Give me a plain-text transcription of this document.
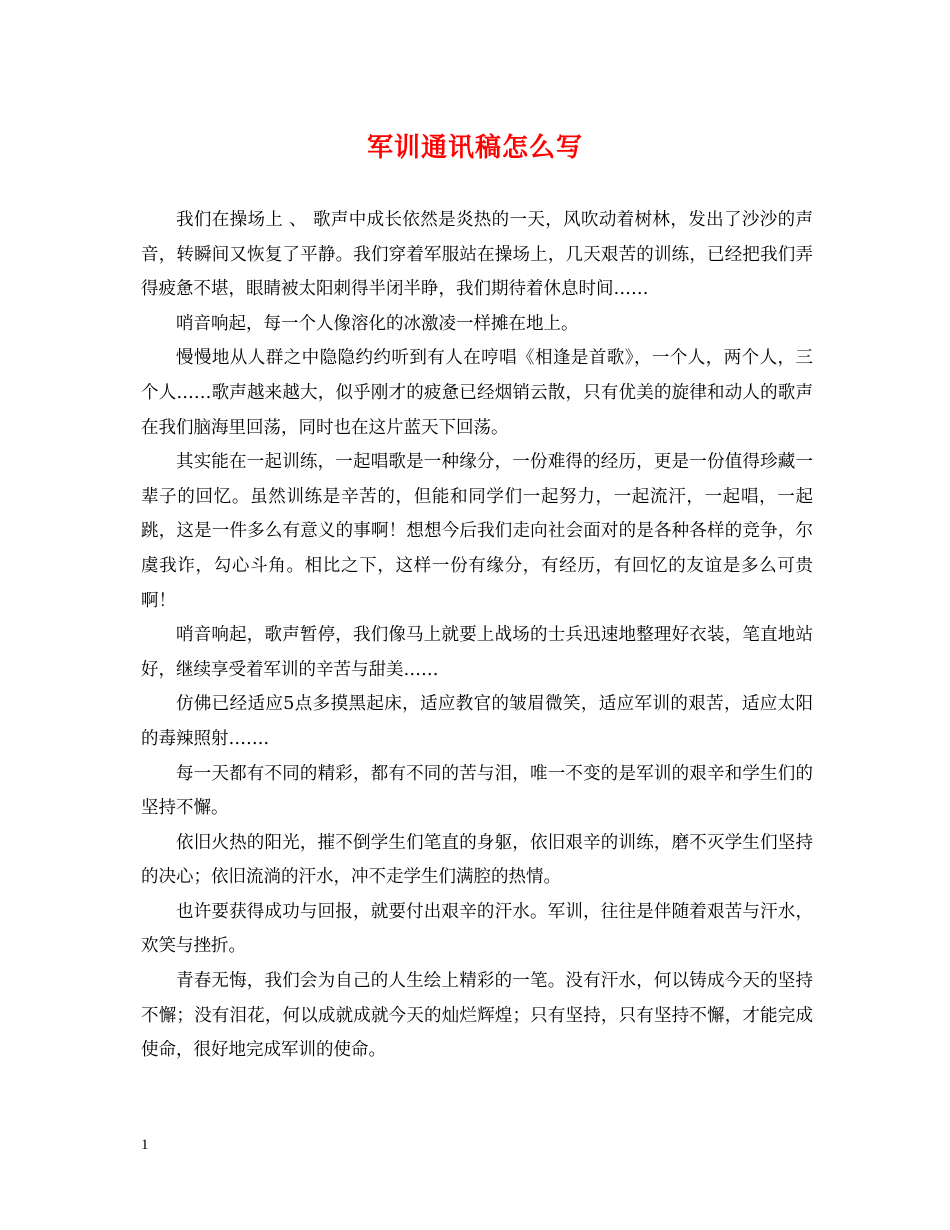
军训通讯稿怎么写

我们在操场上 、 歌声中成长依然是炎热的一天，风吹动着树林，发出了沙沙的声音，转瞬间又恢复了平静。我们穿着军服站在操场上，几天艰苦的训练，已经把我们弄得疲惫不堪，眼睛被太阳刺得半闭半睁，我们期待着休息时间……

哨音响起，每一个人像溶化的冰激凌一样摊在地上。

慢慢地从人群之中隐隐约约听到有人在哼唱《相逢是首歌》，一个人，两个人，三个人……歌声越来越大，似乎刚才的疲惫已经烟销云散，只有优美的旋律和动人的歌声在我们脑海里回荡，同时也在这片蓝天下回荡。

其实能在一起训练，一起唱歌是一种缘分，一份难得的经历，更是一份值得珍藏一辈子的回忆。虽然训练是辛苦的，但能和同学们一起努力，一起流汗，一起唱，一起跳，这是一件多么有意义的事啊！想想今后我们走向社会面对的是各种各样的竞争，尔虞我诈，勾心斗角。相比之下，这样一份有缘分，有经历，有回忆的友谊是多么可贵啊！

哨音响起，歌声暂停，我们像马上就要上战场的士兵迅速地整理好衣装，笔直地站好，继续享受着军训的辛苦与甜美……

仿佛已经适应5点多摸黑起床，适应教官的皱眉微笑，适应军训的艰苦，适应太阳的毒辣照射…….

每一天都有不同的精彩，都有不同的苦与泪，唯一不变的是军训的艰辛和学生们的坚持不懈。

依旧火热的阳光，摧不倒学生们笔直的身躯，依旧艰辛的训练，磨不灭学生们坚持的决心；依旧流淌的汗水，冲不走学生们满腔的热情。

也许要获得成功与回报，就要付出艰辛的汗水。军训，往往是伴随着艰苦与汗水，欢笑与挫折。

青春无悔，我们会为自己的人生绘上精彩的一笔。没有汗水，何以铸成今天的坚持不懈；没有泪花，何以成就成就今天的灿烂辉煌；只有坚持，只有坚持不懈，才能完成使命，很好地完成军训的使命。

1
